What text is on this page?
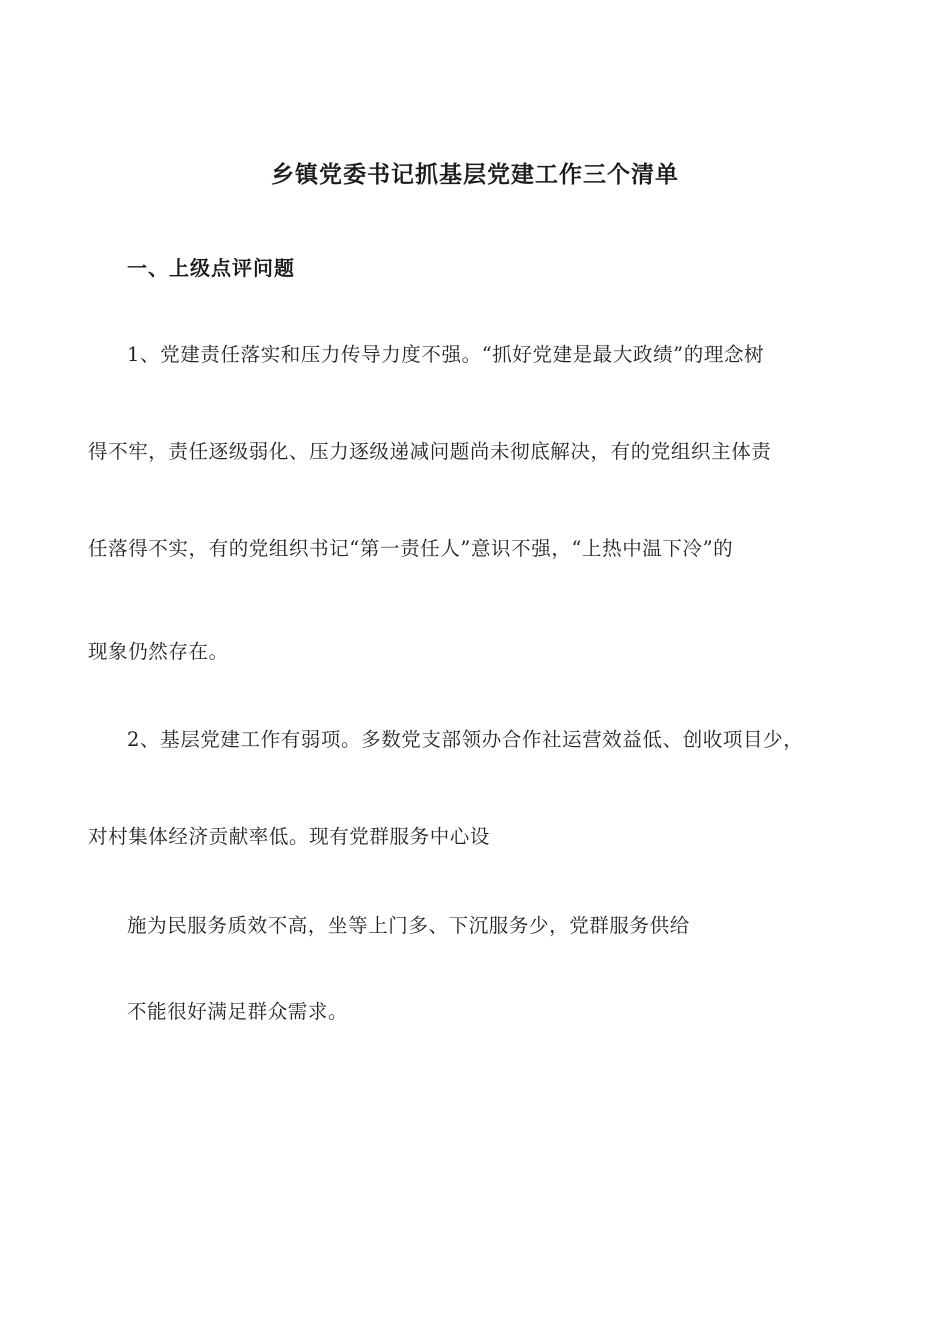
乡镇党委书记抓基层党建工作三个清单
一、上级点评问题
1、党建责任落实和压力传导力度不强。“抓好党建是最大政绩”的理念树
得不牢，责任逐级弱化、压力逐级递减问题尚未彻底解决，有的党组织主体责
任落得不实，有的党组织书记“第一责任人”意识不强，“上热中温下冷”的
现象仍然存在。
2、基层党建工作有弱项。多数党支部领办合作社运营效益低、创收项目少，
对村集体经济贡献率低。现有党群服务中心设
施为民服务质效不高，坐等上门多、下沉服务少，党群服务供给
不能很好满足群众需求。
